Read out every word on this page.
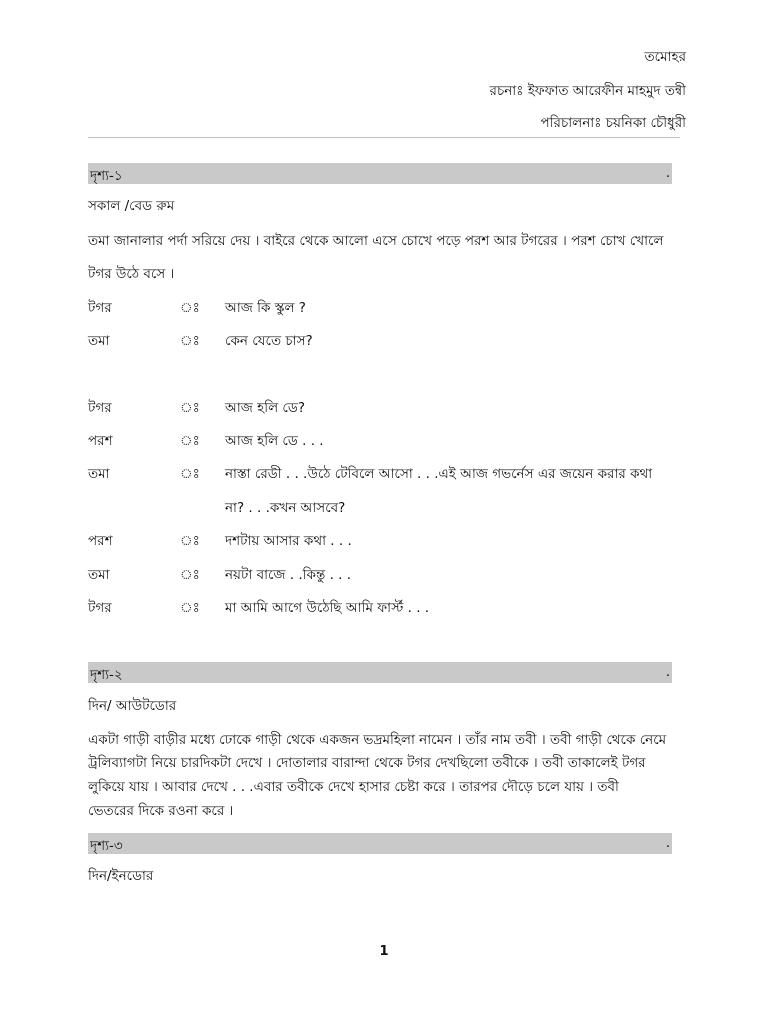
তমোহর
রচনাঃ ইফফাত আরেফীন মাহমুদ তন্বী
পরিচালনাঃ চয়নিকা চৌধুরী
দৃশ্য-১	.
সকাল /বেড রুম
তমা জানালার পর্দা সরিয়ে দেয় । বাইরে থেকে আলো এসে চোখে পড়ে পরশ আর টগরের । পরশ চোখ খোলে
টগর উঠে বসে ।
টগর	ঃ আজ কি স্কুল ?
তমা	ঃ কেন যেতে চাস?
টগর	ঃ আজ হলি ডে?
পরশ	ঃ আজ হলি ডে . . .
তমা	ঃ নাস্তা রেডী . . .উঠে টেবিলে আসো . . .এই আজ গভর্নেস এর জয়েন করার কথা
না? . . .কখন আসবে?
পরশ	ঃ দশটায় আসার কথা . . .
তমা	ঃ নয়টা বাজে . .কিন্তু . . .
টগর	ঃ মা আমি আগে উঠেছি আমি ফার্স্ট . . .
দৃশ্য-২	.
দিন/ আউটডোর
একটা গাড়ী বাড়ীর মধ্যে ঢোকে গাড়ী থেকে একজন ভদ্রমহিলা নামেন । তাঁর নাম তবী । তবী গাড়ী থেকে নেমে
ট্রলিব্যাগটা নিয়ে চারদিকটা দেখে । দোতালার বারান্দা থেকে টগর দেখছিলো তবীকে । তবী তাকালেই টগর
লুকিয়ে যায় । আবার দেখে . . .এবার তবীকে দেখে হাসার চেষ্টা করে । তারপর দৌড়ে চলে যায় । তবী
ভেতরের দিকে রওনা করে ।
দৃশ্য-৩	.
দিন/ইনডোর
1
